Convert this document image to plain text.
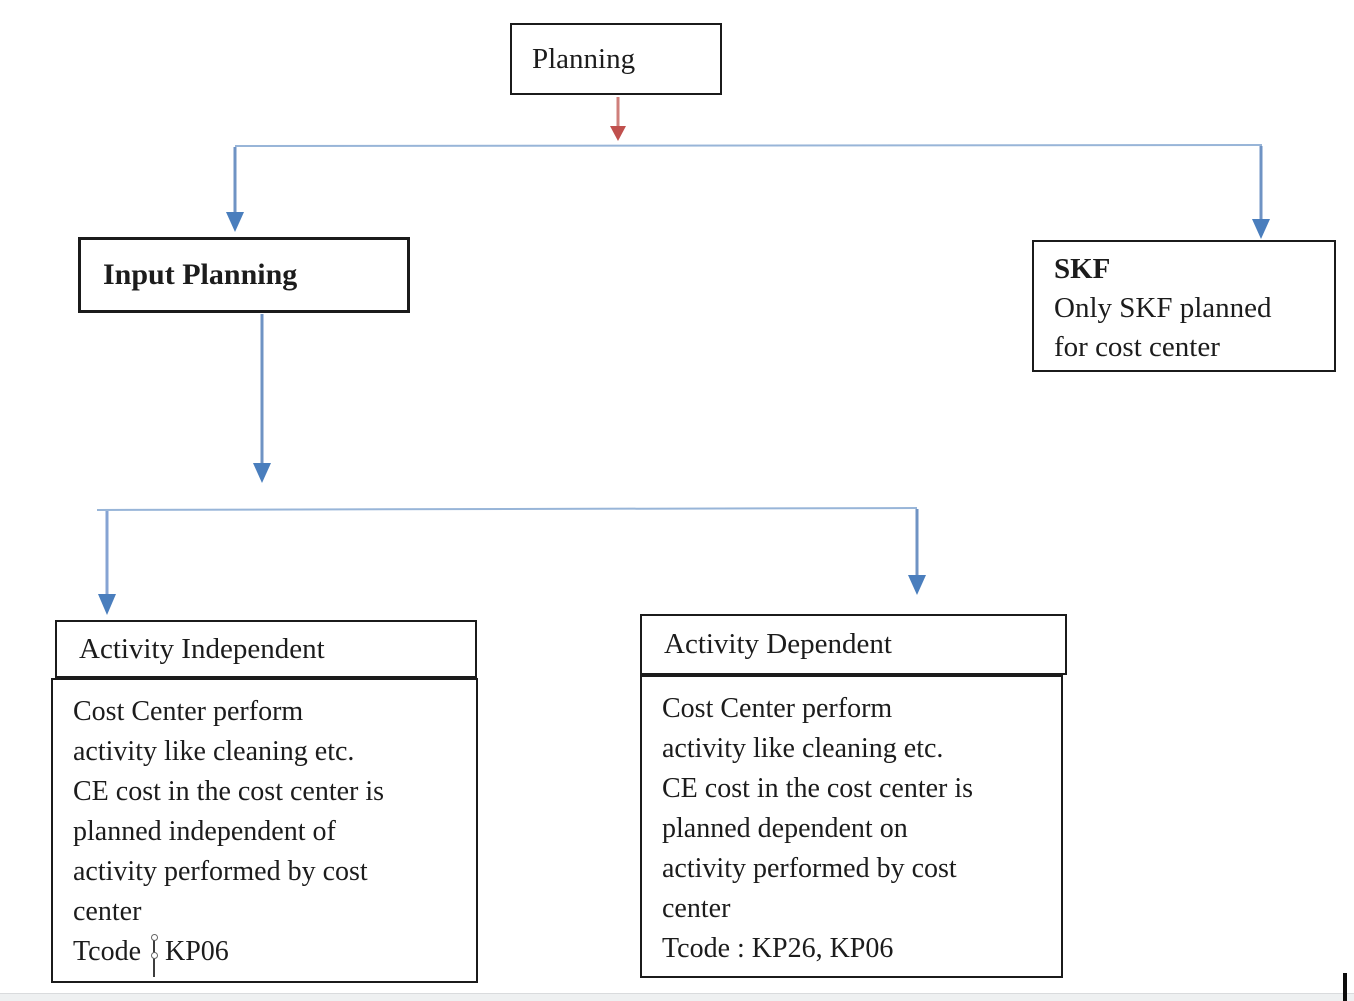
Planning
Input Planning	SKF
Only SKF planned
for cost center
Activity Independent
Cost Center perform
activity like cleaning etc.
CE cost in the cost center is
planned independent of
activity performed by cost
center
Tcode KP06
Activity Dependent
Cost Center perform
activity like cleaning etc.
CE cost in the cost center is
planned dependent on
activity performed by cost
center
Tcode : KP26, KP06
